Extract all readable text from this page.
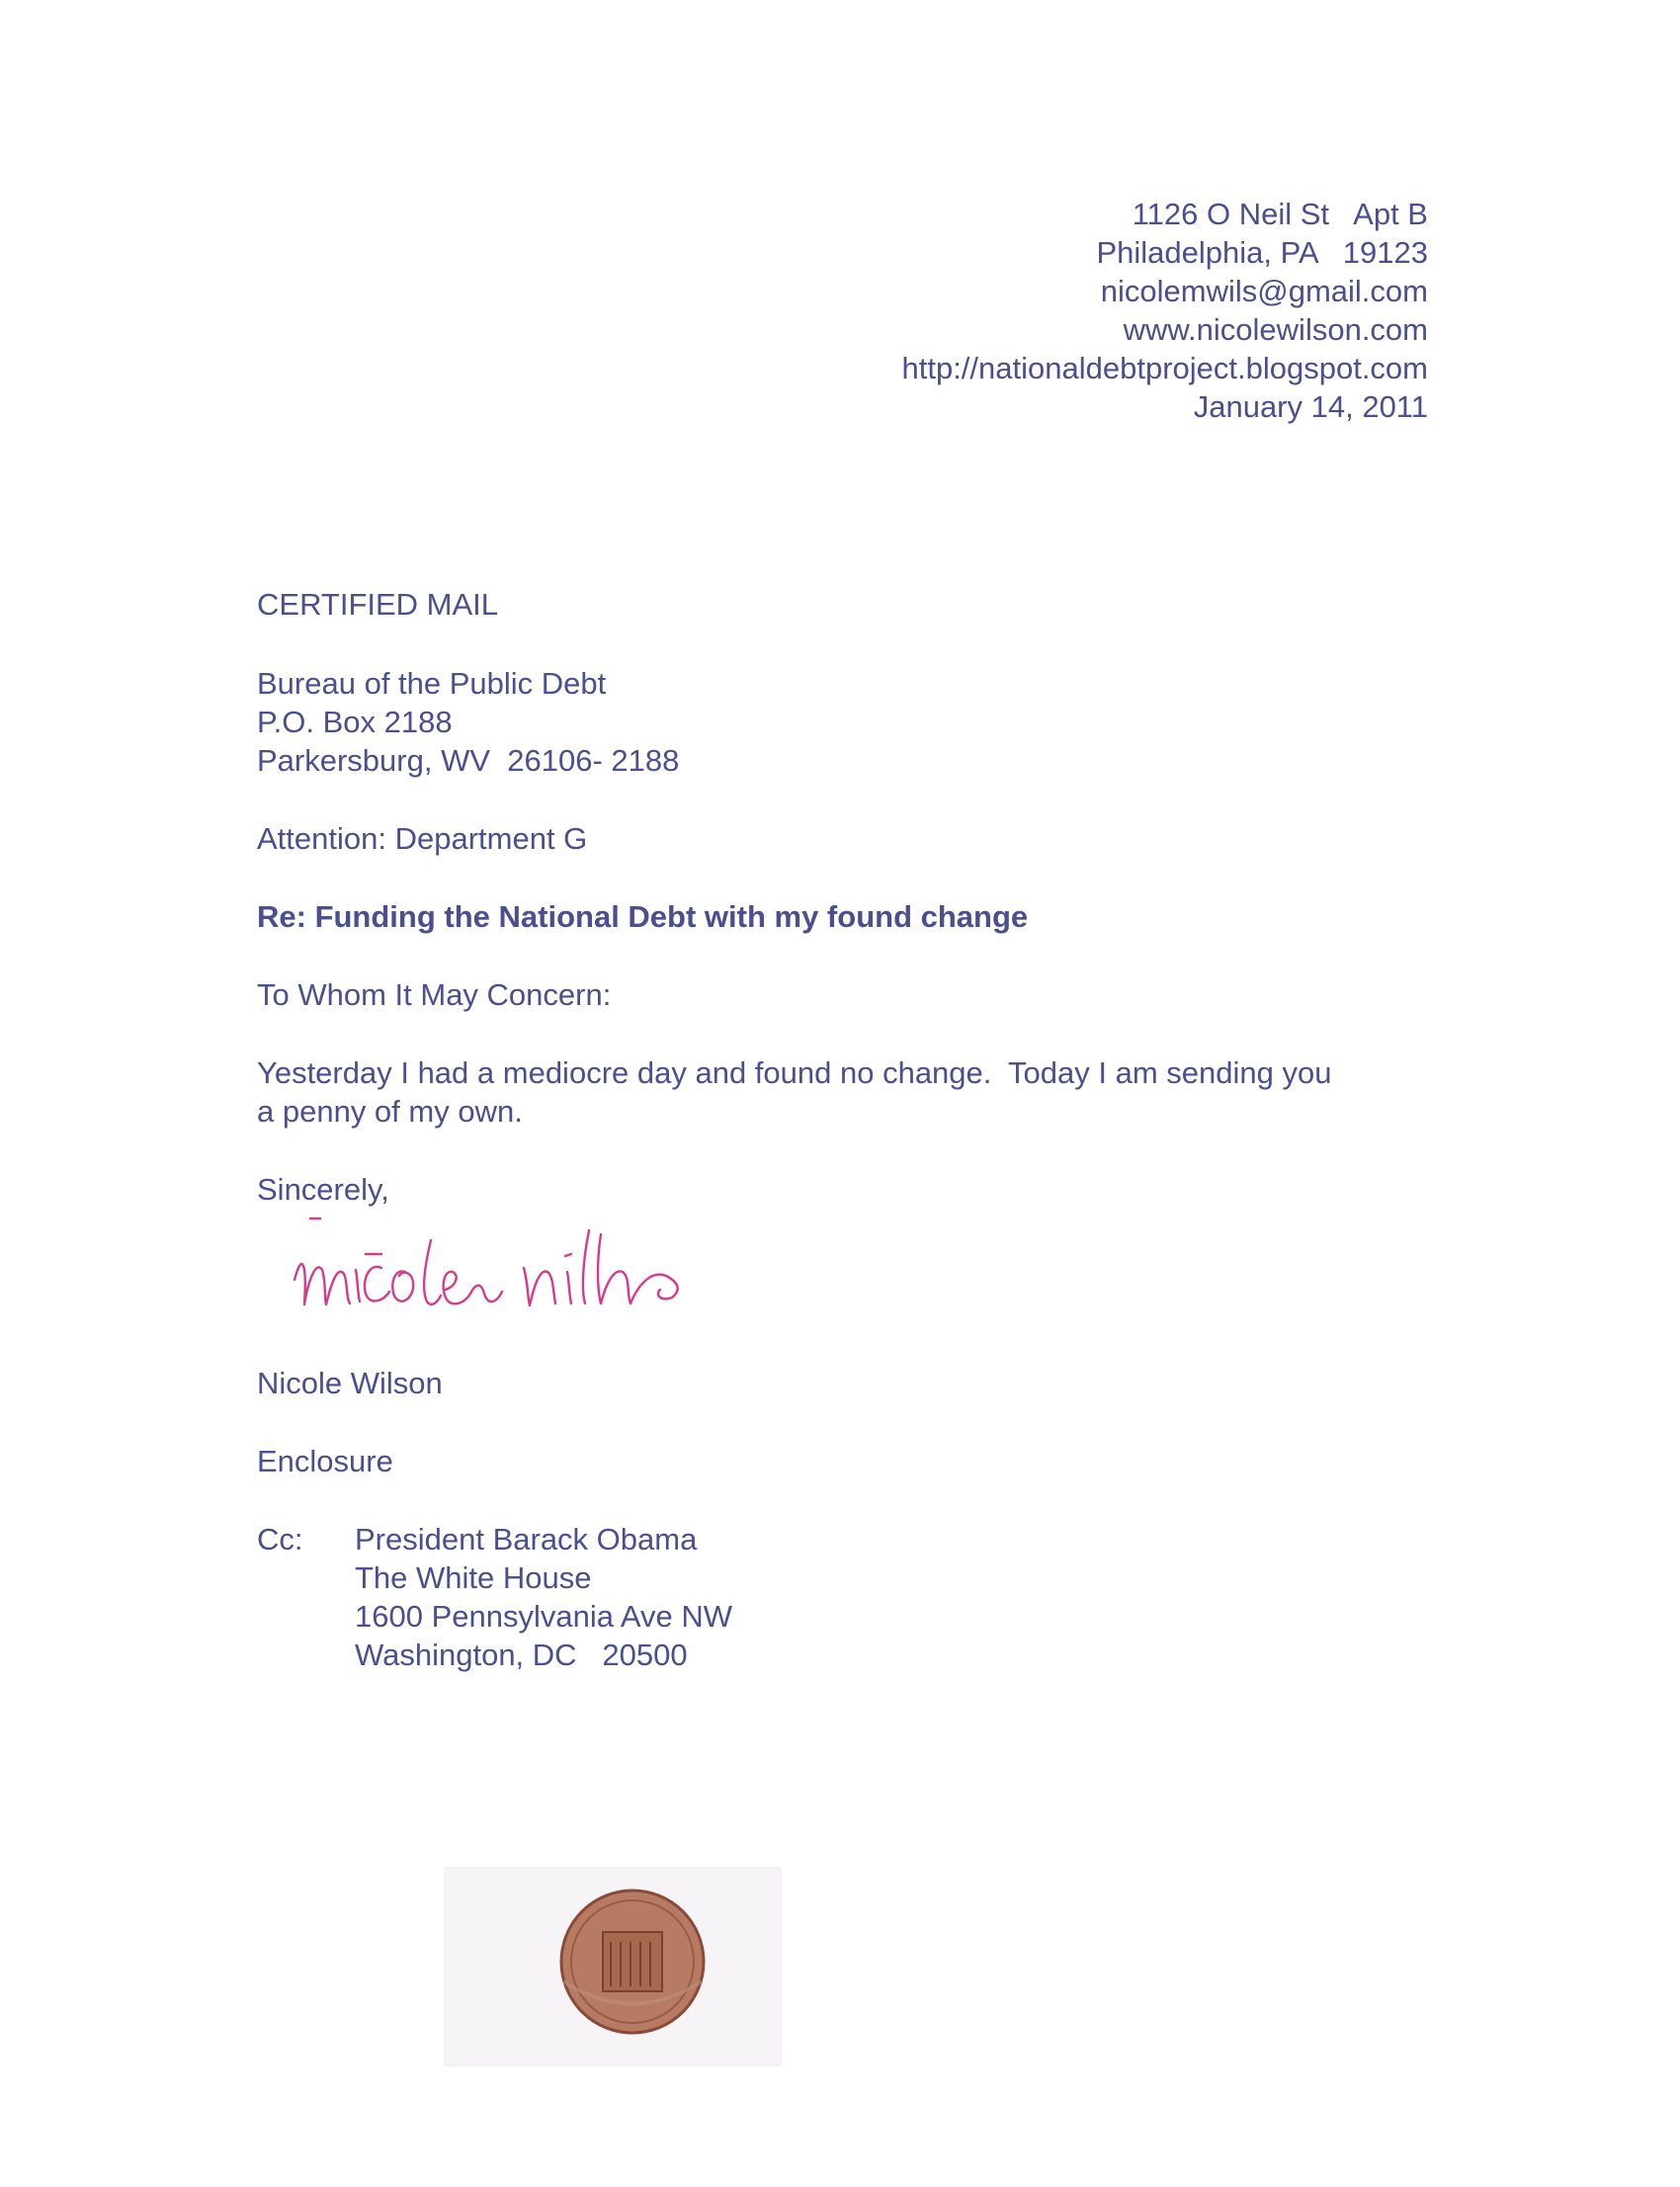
1126 O Neil St   Apt B
Philadelphia, PA   19123
nicolemwils@gmail.com
www.nicolewilson.com
http://nationaldebtproject.blogspot.com
January 14, 2011
CERTIFIED MAIL
Bureau of the Public Debt
P.O. Box 2188
Parkersburg, WV  26106- 2188
Attention: Department G
Re: Funding the National Debt with my found change
To Whom It May Concern:
Yesterday I had a mediocre day and found no change.  Today I am sending you
a penny of my own.
Sincerely,
Nicole Wilson
Enclosure
Cc: President Barack Obama
The White House
1600 Pennsylvania Ave NW
Washington, DC   20500
